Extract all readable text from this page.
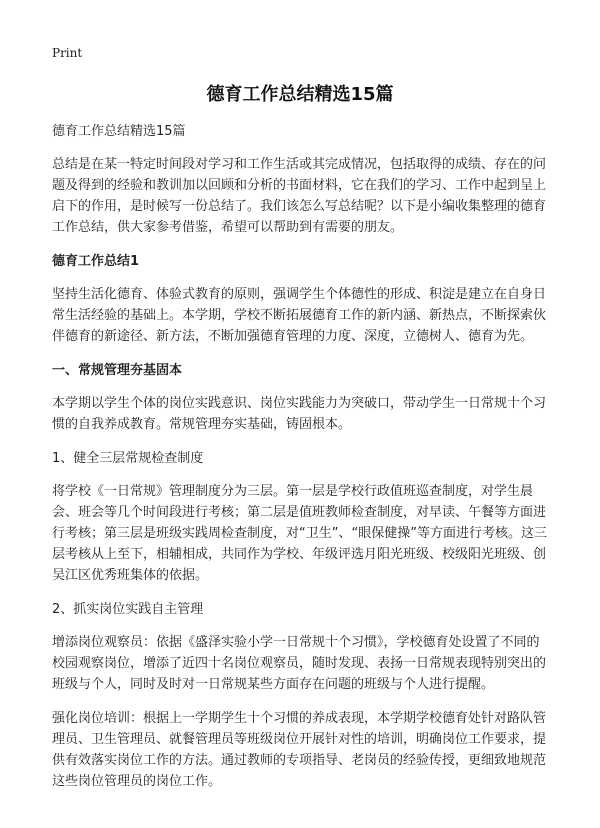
Print
德育工作总结精选15篇

德育工作总结精选15篇

总结是在某一特定时间段对学习和工作生活或其完成情况，包括取得的成绩、存在的问题及得到的经验和教训加以回顾和分析的书面材料，它在我们的学习、工作中起到呈上启下的作用，是时候写一份总结了。我们该怎么写总结呢？以下是小编收集整理的德育工作总结，供大家参考借鉴，希望可以帮助到有需要的朋友。

德育工作总结1

坚持生活化德育、体验式教育的原则，强调学生个体德性的形成、积淀是建立在自身日常生活经验的基础上。本学期，学校不断拓展德育工作的新内涵、新热点，不断探索伙伴德育的新途径、新方法，不断加强德育管理的力度、深度，立德树人、德育为先。

一、常规管理夯基固本

本学期以学生个体的岗位实践意识、岗位实践能力为突破口，带动学生一日常规十个习惯的自我养成教育。常规管理夯实基础，铸固根本。

1、健全三层常规检查制度

将学校《一日常规》管理制度分为三层。第一层是学校行政值班巡查制度，对学生晨会、班会等几个时间段进行考核；第二层是值班教师检查制度，对早读、午餐等方面进行考核；第三层是班级实践周检查制度，对“卫生”、“眼保健操”等方面进行考核。这三层考核从上至下，相辅相成，共同作为学校、年级评选月阳光班级、校级阳光班级、创吴江区优秀班集体的依据。

2、抓实岗位实践自主管理

增添岗位观察员：依据《盛泽实验小学一日常规十个习惯》，学校德育处设置了不同的校园观察岗位，增添了近四十名岗位观察员，随时发现、表扬一日常规表现特别突出的班级与个人，同时及时对一日常规某些方面存在问题的班级与个人进行提醒。

强化岗位培训：根据上一学期学生十个习惯的养成表现，本学期学校德育处针对路队管理员、卫生管理员、就餐管理员等班级岗位开展针对性的培训，明确岗位工作要求，提供有效落实岗位工作的方法。通过教师的专项指导、老岗员的经验传授，更细致地规范这些岗位管理员的岗位工作。
